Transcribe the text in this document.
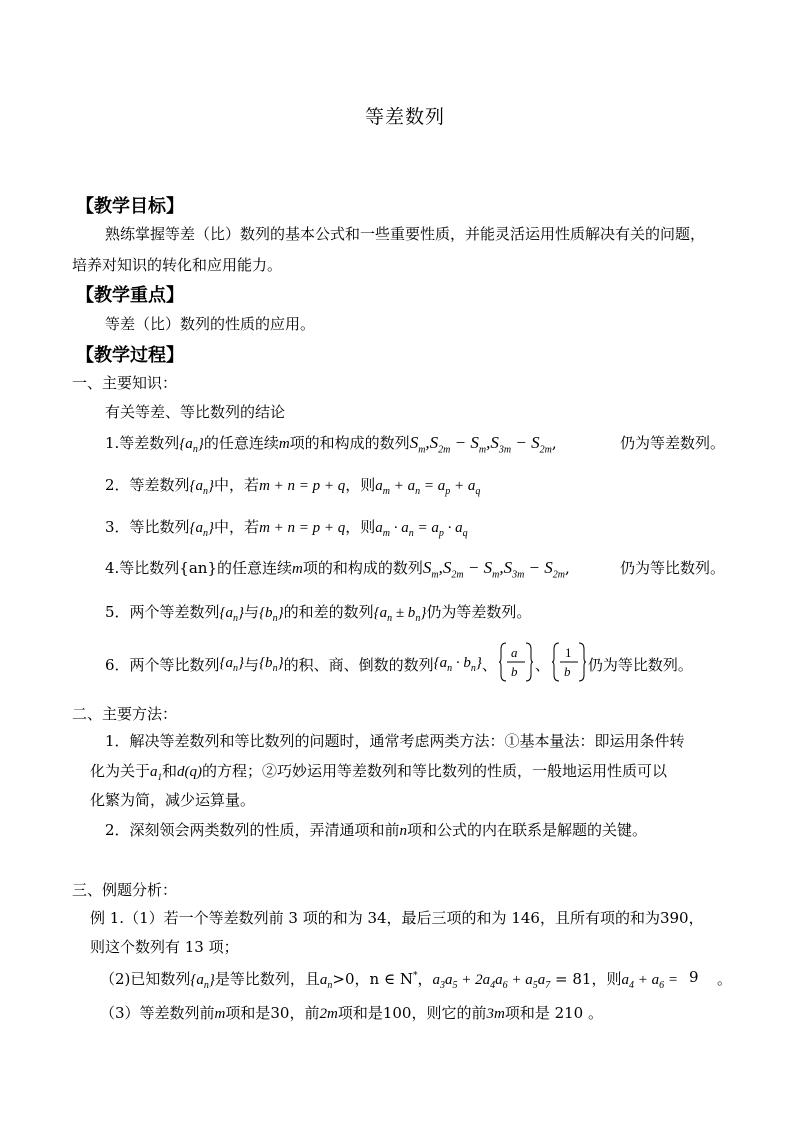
等差数列
【教学目标】
熟练掌握等差（比）数列的基本公式和一些重要性质，并能灵活运用性质解决有关的问题，
培养对知识的转化和应用能力。
【教学重点】
等差（比）数列的性质的应用。
【教学过程】
一、主要知识：
有关等差、等比数列的结论
1.等差数列$\{a_n\}$的任意连续m项的和构成的数列$S_m,S_{2m} - S_m,S_{3m} - S_{2m}$,	仍为等差数列。
2．等差数列$\{a_n\}$中，若m + n = p + q，则$a_m + a_n = a_p + a_q$
3．等比数列$\{a_n\}$中，若m + n = p + q，则$a_m \cdot a_n = a_p \cdot a_q$
4.等比数列{an}的任意连续m项的和构成的数列$S_m,S_{2m} - S_m,S_{3m} - S_{2m}$,	仍为等比数列。
5．两个等差数列$\{a_n\}$与$\{b_n\}$的和差的数列$\{a_n \pm b_n\}$仍为等差数列。
6．两个等比数列 $\{a_n\}$ 与 $\{b_n\}$ 的积、商、倒数的数列 $\{a_n \cdot b_n\}$ 、
a
b 、
1
b 仍为等比数列。
二、主要方法：
1．解决等差数列和等比数列的问题时，通常考虑两类方法：①基本量法：即运用条件转
化为关于$a_1$和d(q)的方程；②巧妙运用等差数列和等比数列的性质，一般地运用性质可以
化繁为简，减少运算量。
2．深刻领会两类数列的性质，弄清通项和前n项和公式的内在联系是解题的关键。
三、例题分析：
例 1.（1）若一个等差数列前 3 项的和为 34，最后三项的和为 146，且所有项的和为390，
则这个数列有 13 项；
（2)已知数列$\{a_n\}$是等比数列，且$a_n>0$，n ∈ N*，$a_3a_5 + 2a_4a_6 + a_5a_7 = 81$，则$a_4 + a_6 = 9$ 。
（3）等差数列前m项和是30，前2m项和是100，则它的前3m项和是 210 。
